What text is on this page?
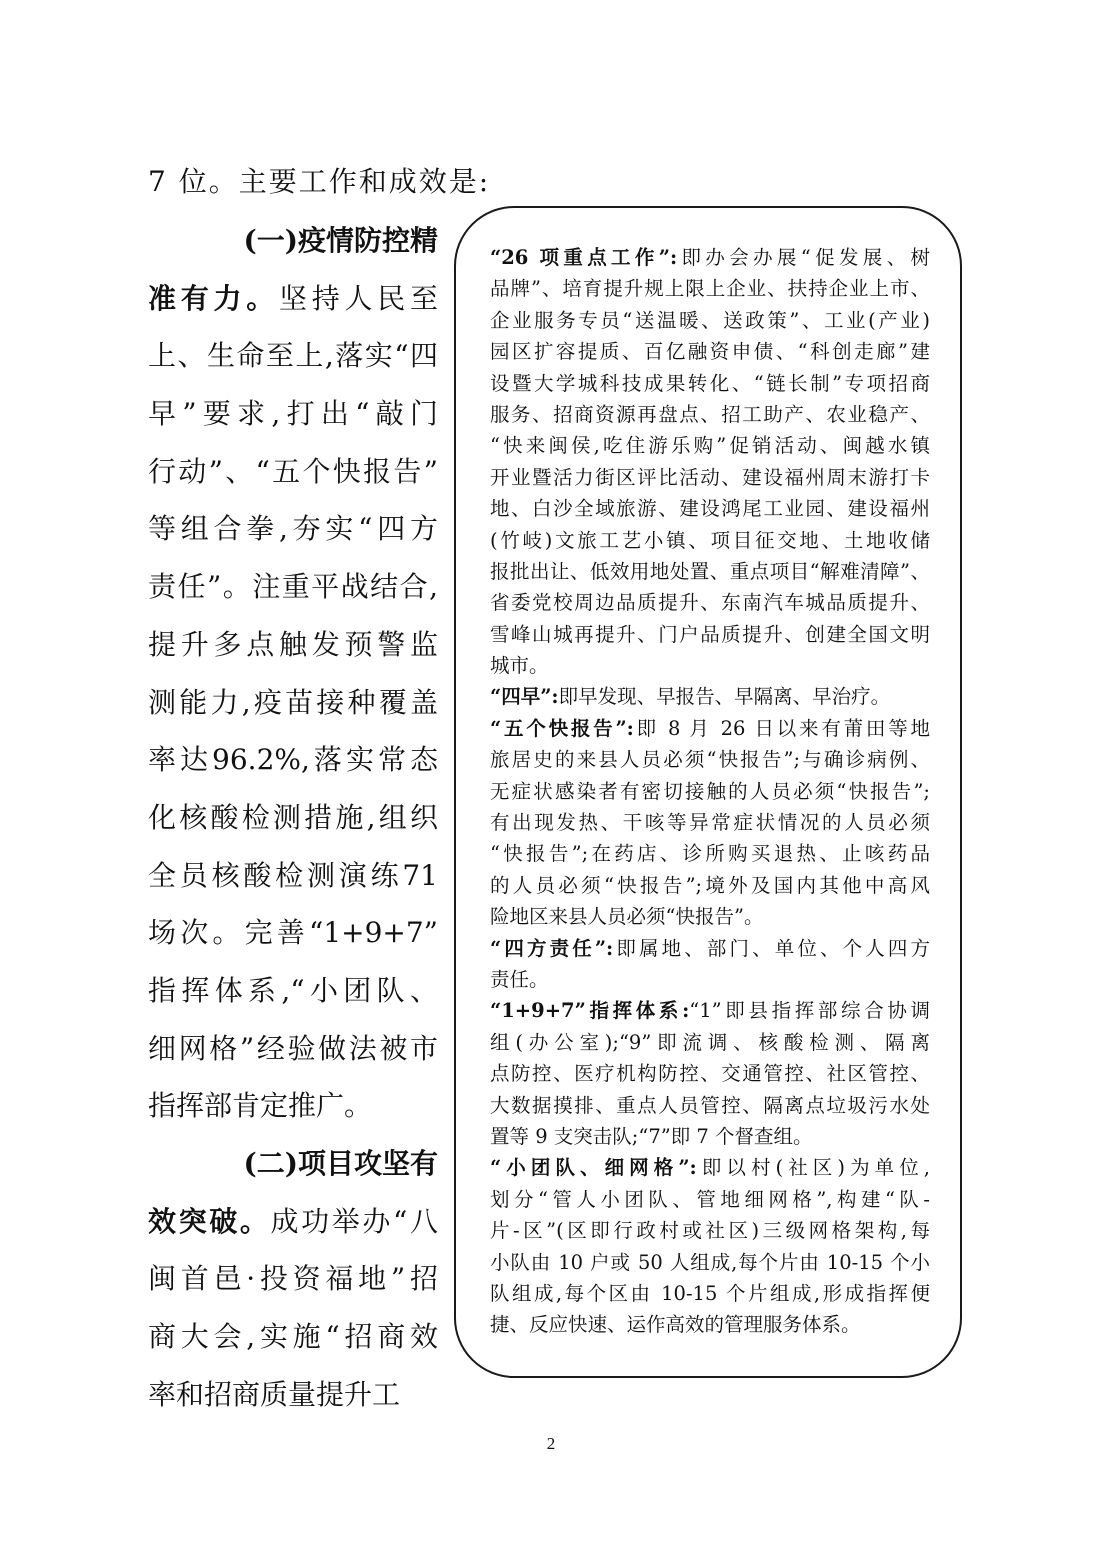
7 位。主要工作和成效是:
(一)疫情防控精
准有力。坚持人民至
上、生命至上,落实“四
早”要求,打出“敲门
行动”、“五个快报告”
等组合拳,夯实“四方
责任”。注重平战结合,
提升多点触发预警监
测能力,疫苗接种覆盖
率达96.2%,落实常态
化核酸检测措施,组织
全员核酸检测演练71
场次。完善“1+9+7”
指挥体系,“小团队、
细网格”经验做法被市
指挥部肯定推广。
(二)项目攻坚有
效突破。成功举办“八
闽首邑·投资福地”招
商大会,实施“招商效
率和招商质量提升工
“26 项重点工作”:即办会办展“促发展、树
品牌”、培育提升规上限上企业、扶持企业上市、
企业服务专员“送温暖、送政策”、工业(产业)
园区扩容提质、百亿融资申债、“科创走廊”建
设暨大学城科技成果转化、“链长制”专项招商
服务、招商资源再盘点、招工助产、农业稳产、
“快来闽侯,吃住游乐购”促销活动、闽越水镇
开业暨活力街区评比活动、建设福州周末游打卡
地、白沙全域旅游、建设鸿尾工业园、建设福州
(竹岐)文旅工艺小镇、项目征交地、土地收储
报批出让、低效用地处置、重点项目“解难清障”、
省委党校周边品质提升、东南汽车城品质提升、
雪峰山城再提升、门户品质提升、创建全国文明
城市。
“四早”:即早发现、早报告、早隔离、早治疗。
“五个快报告”:即 8 月 26 日以来有莆田等地
旅居史的来县人员必须“快报告”;与确诊病例、
无症状感染者有密切接触的人员必须“快报告”;
有出现发热、干咳等异常症状情况的人员必须
“快报告”;在药店、诊所购买退热、止咳药品
的人员必须“快报告”;境外及国内其他中高风
险地区来县人员必须“快报告”。
“四方责任”:即属地、部门、单位、个人四方
责任。
“1+9+7”指挥体系:“1”即县指挥部综合协调
组(办公室);“9”即流调、核酸检测、隔离
点防控、医疗机构防控、交通管控、社区管控、
大数据摸排、重点人员管控、隔离点垃圾污水处
置等 9 支突击队;“7”即 7 个督查组。
“小团队、细网格”:即以村(社区)为单位,
划分“管人小团队、管地细网格”,构建“队-
片-区”(区即行政村或社区)三级网格架构,每
小队由 10 户或 50 人组成,每个片由 10-15 个小
队组成,每个区由 10-15 个片组成,形成指挥便
捷、反应快速、运作高效的管理服务体系。
2
